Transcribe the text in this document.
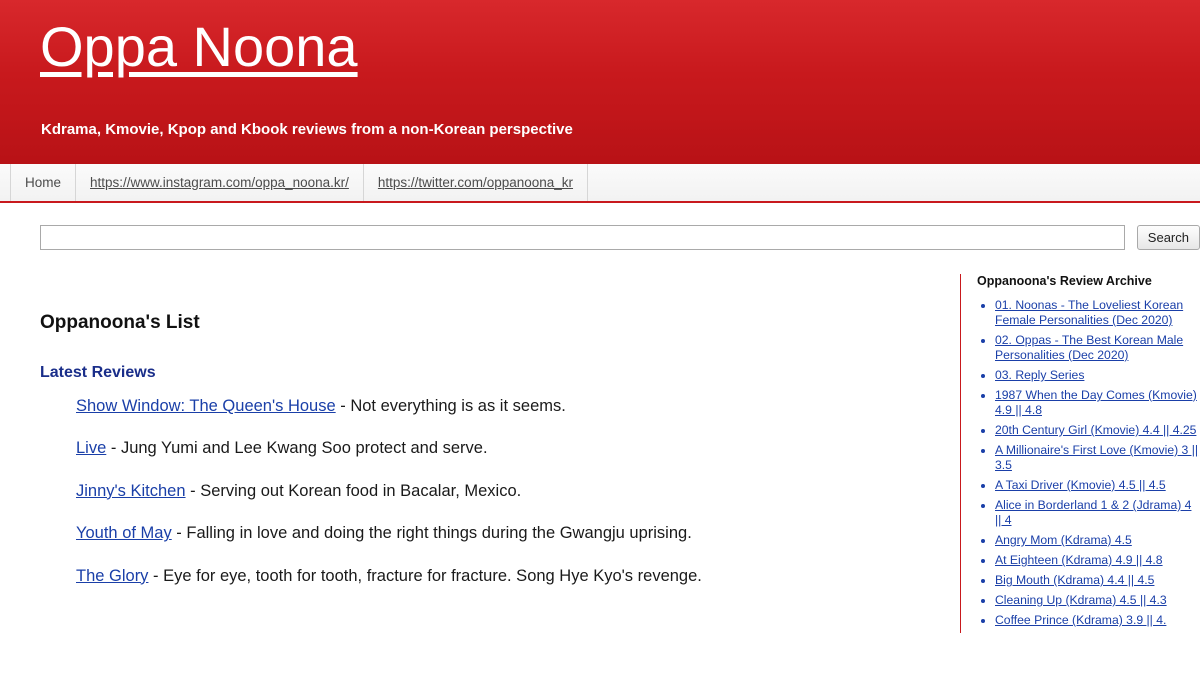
Oppa Noona

Kdrama, Kmovie, Kpop and Kbook reviews from a non-Korean perspective

Home	https://www.instagram.com/oppa_noona.kr/	https://twitter.com/oppanoona_kr
Search
Oppanoona's List
Latest Reviews

Show Window: The Queen's House - Not everything is as it seems.

Live - Jung Yumi and Lee Kwang Soo protect and serve.

Jinny's Kitchen - Serving out Korean food in Bacalar, Mexico.

Youth of May - Falling in love and doing the right things during the Gwangju uprising.

The Glory - Eye for eye, tooth for tooth, fracture for fracture. Song Hye Kyo's revenge.

Oppanoona's Review Archive
• 01. Noonas - The Loveliest Korean Female Personalities (Dec 2020)
• 02. Oppas - The Best Korean Male Personalities (Dec 2020)
• 03. Reply Series
• 1987 When the Day Comes (Kmovie) 4.9 || 4.8
• 20th Century Girl (Kmovie) 4.4 || 4.25
• A Millionaire's First Love (Kmovie) 3 || 3.5
• A Taxi Driver (Kmovie) 4.5 || 4.5
• Alice in Borderland 1 & 2 (Jdrama) 4 || 4
• Angry Mom (Kdrama) 4.5
• At Eighteen (Kdrama) 4.9 || 4.8
• Big Mouth (Kdrama) 4.4 || 4.5
• Cleaning Up (Kdrama) 4.5 || 4.3
• Coffee Prince (Kdrama) 3.9 || 4.
